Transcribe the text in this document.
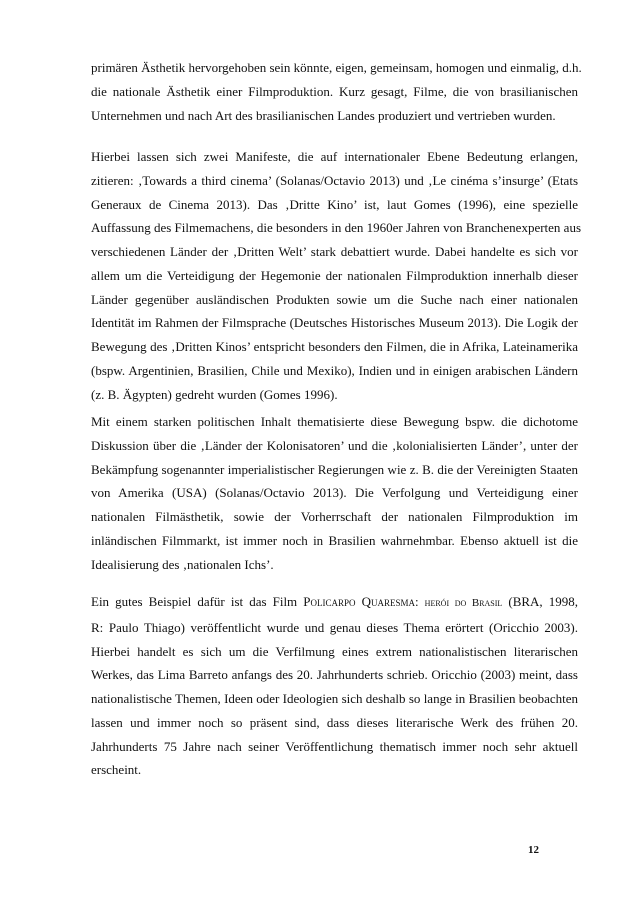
primären Ästhetik hervorgehoben sein könnte, eigen, gemeinsam, homogen und einmalig, d.h.
die nationale Ästhetik einer Filmproduktion. Kurz gesagt, Filme, die von brasilianischen
Unternehmen und nach Art des brasilianischen Landes produziert und vertrieben wurden.
Hierbei lassen sich zwei Manifeste, die auf internationaler Ebene Bedeutung erlangen,
zitieren: ‚Towards a third cinema’ (Solanas/Octavio 2013) und ‚Le cinéma s’insurge’ (Etats
Generaux de Cinema 2013). Das ‚Dritte Kino’ ist, laut Gomes (1996), eine spezielle
Auffassung des Filmemachens, die besonders in den 1960er Jahren von Branchenexperten aus
verschiedenen Länder der ‚Dritten Welt’ stark debattiert wurde. Dabei handelte es sich vor
allem um die Verteidigung der Hegemonie der nationalen Filmproduktion innerhalb dieser
Länder gegenüber ausländischen Produkten sowie um die Suche nach einer nationalen
Identität im Rahmen der Filmsprache (Deutsches Historisches Museum 2013). Die Logik der
Bewegung des ‚Dritten Kinos’ entspricht besonders den Filmen, die in Afrika, Lateinamerika
(bspw. Argentinien, Brasilien, Chile und Mexiko), Indien und in einigen arabischen Ländern
(z. B. Ägypten) gedreht wurden (Gomes 1996).
Mit einem starken politischen Inhalt thematisierte diese Bewegung bspw. die dichotome
Diskussion über die ‚Länder der Kolonisatoren’ und die ‚kolonialisierten Länder’, unter der
Bekämpfung sogenannter imperialistischer Regierungen wie z. B. die der Vereinigten Staaten
von Amerika (USA) (Solanas/Octavio 2013). Die Verfolgung und Verteidigung einer
nationalen Filmästhetik, sowie der Vorherrschaft der nationalen Filmproduktion im
inländischen Filmmarkt, ist immer noch in Brasilien wahrnehmbar. Ebenso aktuell ist die
Idealisierung des ‚nationalen Ichs’.
Ein gutes Beispiel dafür ist das Film Policarpo Quaresma: herói do Brasil (BRA, 1998,
R: Paulo Thiago) veröffentlicht wurde und genau dieses Thema erörtert (Oricchio 2003).
Hierbei handelt es sich um die Verfilmung eines extrem nationalistischen literarischen
Werkes, das Lima Barreto anfangs des 20. Jahrhunderts schrieb. Oricchio (2003) meint, dass
nationalistische Themen, Ideen oder Ideologien sich deshalb so lange in Brasilien beobachten
lassen und immer noch so präsent sind, dass dieses literarische Werk des frühen 20.
Jahrhunderts 75 Jahre nach seiner Veröffentlichung thematisch immer noch sehr aktuell
erscheint.
12
